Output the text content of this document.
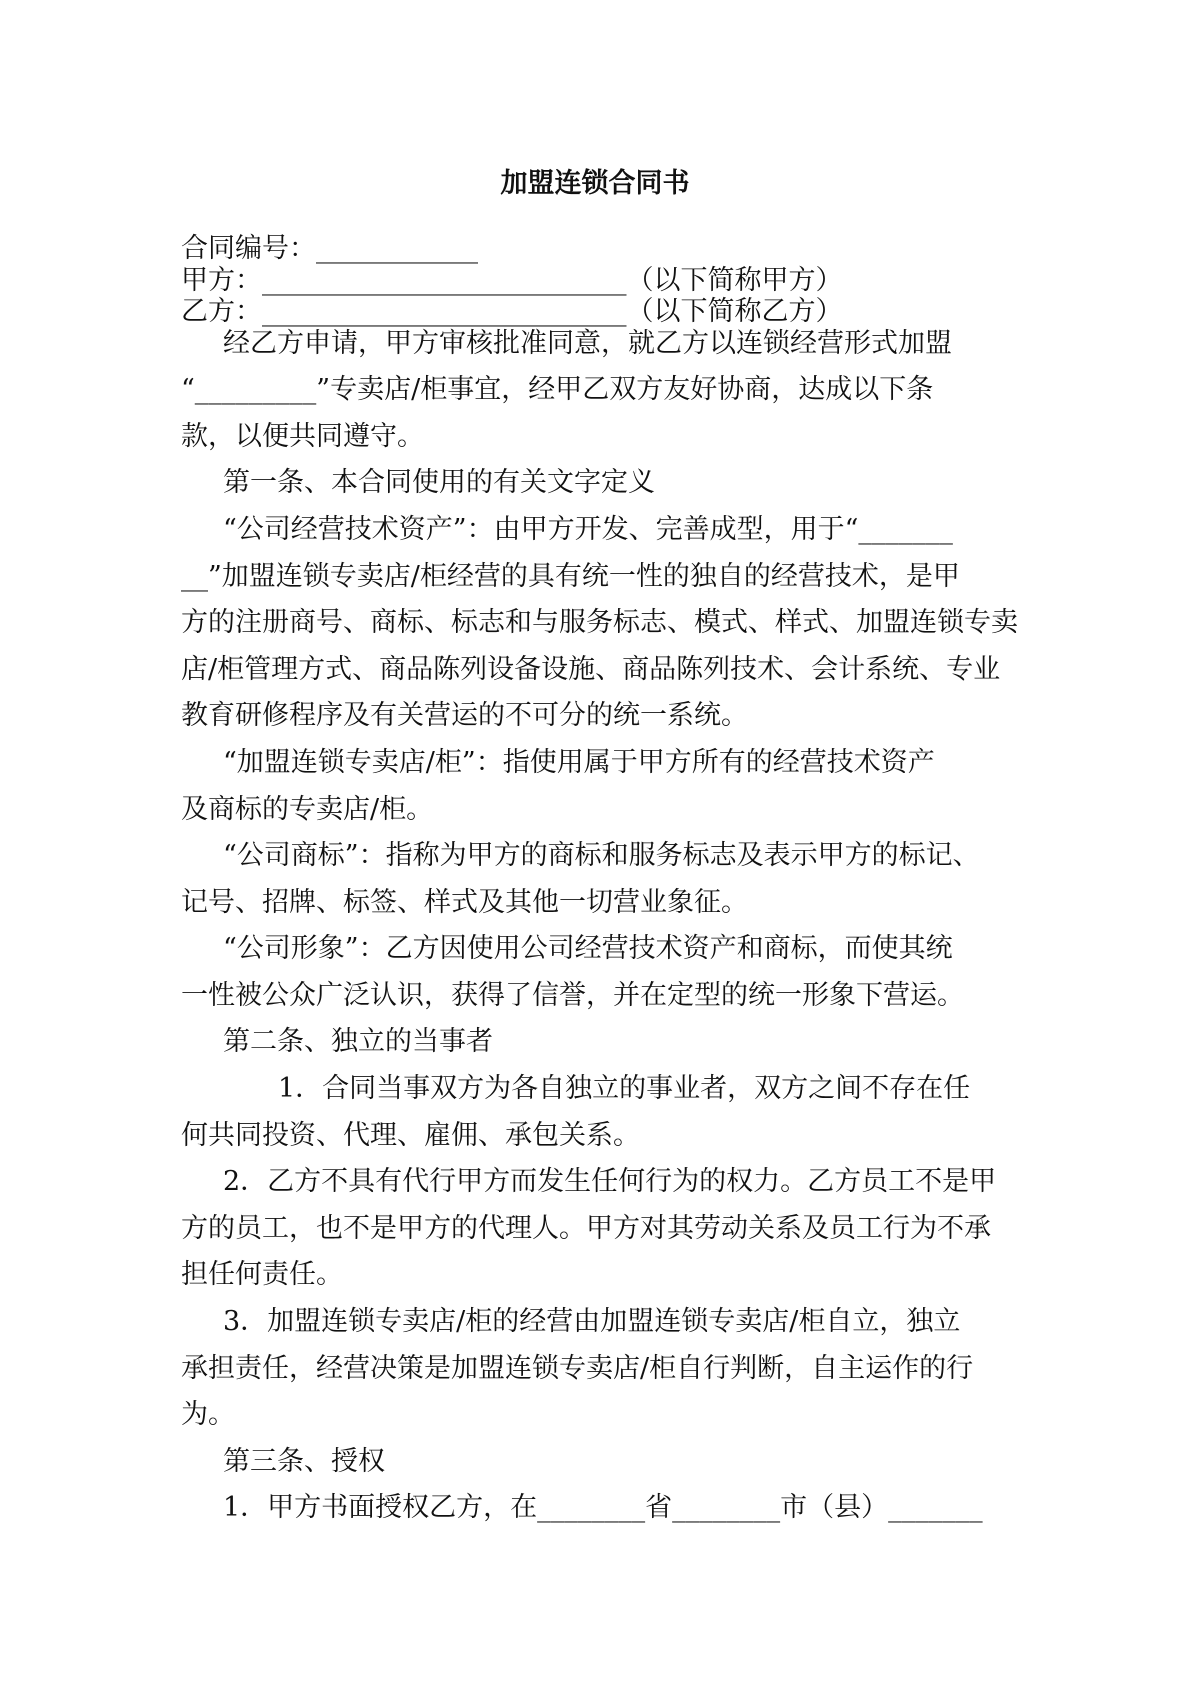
加盟连锁合同书
合同编号：____________
甲方：___________________________（以下简称甲方）
乙方：___________________________（以下简称乙方）
经乙方申请，甲方审核批准同意，就乙方以连锁经营形式加盟
“_________”专卖店/柜事宜，经甲乙双方友好协商，达成以下条
款，以便共同遵守。
第一条、本合同使用的有关文字定义
“公司经营技术资产”：由甲方开发、完善成型，用于“_______
__”加盟连锁专卖店/柜经营的具有统一性的独自的经营技术，是甲
方的注册商号、商标、标志和与服务标志、模式、样式、加盟连锁专卖
店/柜管理方式、商品陈列设备设施、商品陈列技术、会计系统、专业
教育研修程序及有关营运的不可分的统一系统。
“加盟连锁专卖店/柜”：指使用属于甲方所有的经营技术资产
及商标的专卖店/柜。
“公司商标”：指称为甲方的商标和服务标志及表示甲方的标记、
记号、招牌、标签、样式及其他一切营业象征。
“公司形象”：乙方因使用公司经营技术资产和商标，而使其统
一性被公众广泛认识，获得了信誉，并在定型的统一形象下营运。
第二条、独立的当事者
1．合同当事双方为各自独立的事业者，双方之间不存在任
何共同投资、代理、雇佣、承包关系。
2．乙方不具有代行甲方而发生任何行为的权力。乙方员工不是甲
方的员工，也不是甲方的代理人。甲方对其劳动关系及员工行为不承
担任何责任。
3．加盟连锁专卖店/柜的经营由加盟连锁专卖店/柜自立，独立
承担责任，经营决策是加盟连锁专卖店/柜自行判断，自主运作的行
为。
第三条、授权
1．甲方书面授权乙方，在________省________市（县）_______
